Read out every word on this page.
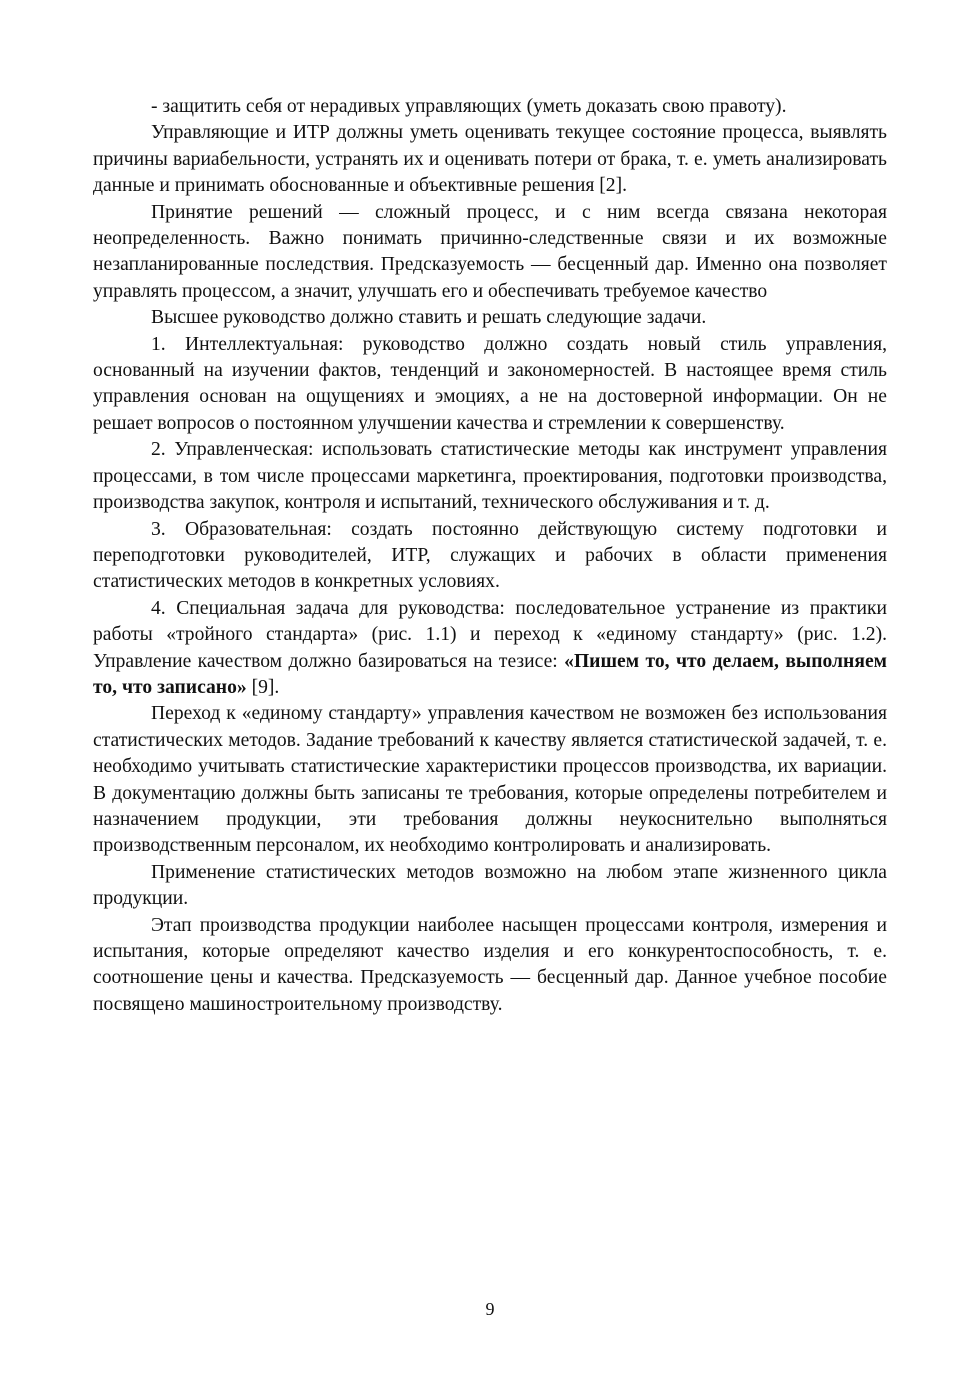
- защитить себя от нерадивых управляющих (уметь доказать свою правоту).

Управляющие и ИТР должны уметь оценивать текущее состояние процесса, выявлять причины вариабельности, устранять их и оценивать потери от брака, т. е. уметь анализировать данные и принимать обоснованные и объективные решения [2].

Принятие решений — сложный процесс, и с ним всегда связана некоторая неопределенность. Важно понимать причинно-следственные связи и их возможные незапланированные последствия. Предсказуемость — бесценный дар. Именно она позволяет управлять процессом, а значит, улучшать его и обеспечивать требуемое качество

Высшее руководство должно ставить и решать следующие задачи.

1. Интеллектуальная: руководство должно создать новый стиль управления, основанный на изучении фактов, тенденций и закономерностей. В настоящее время стиль управления основан на ощущениях и эмоциях, а не на достоверной информации. Он не решает вопросов о постоянном улучшении качества и стремлении к совершенству.

2. Управленческая: использовать статистические методы как инструмент управления процессами, в том числе процессами маркетинга, проектирования, подготовки производства, производства закупок, контроля и испытаний, технического обслуживания и т. д.

3. Образовательная: создать постоянно действующую систему подготовки и переподготовки руководителей, ИТР, служащих и рабочих в области применения статистических методов в конкретных условиях.

4. Специальная задача для руководства: последовательное устранение из практики работы «тройного стандарта» (рис. 1.1) и переход к «единому стандарту» (рис. 1.2). Управление качеством должно базироваться на тезисе: «Пишем то, что делаем, выполняем то, что записано» [9].

Переход к «единому стандарту» управления качеством не возможен без использования статистических методов. Задание требований к качеству является статистической задачей, т. е. необходимо учитывать статистические характеристики процессов производства, их вариации. В документацию должны быть записаны те требования, которые определены потребителем и назначением продукции, эти требования должны неукоснительно выполняться производственным персоналом, их необходимо контролировать и анализировать.

Применение статистических методов возможно на любом этапе жизненного цикла продукции.

Этап производства продукции наиболее насыщен процессами контроля, измерения и испытания, которые определяют качество изделия и его конкурентоспособность, т. е. соотношение цены и качества. Предсказуемость — бесценный дар. Данное учебное пособие посвящено машиностроительному производству.

9
